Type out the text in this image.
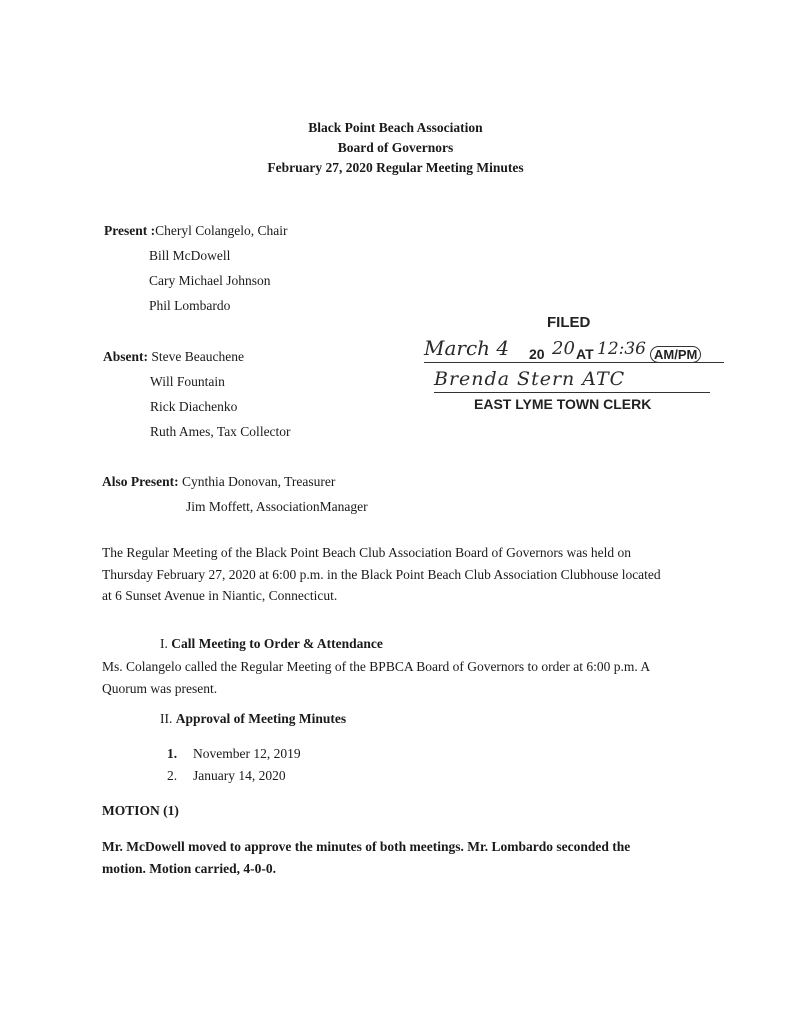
Black Point Beach Association
Board of Governors
February 27, 2020 Regular Meeting Minutes
Present :Cheryl Colangelo, Chair
Bill McDowell
Cary Michael Johnson
Phil Lombardo
Absent: Steve Beauchene
Will Fountain
Rick Diachenko
Ruth Ames, Tax Collector
FILED
March 4 20 20 AT 12:36 AM/PM
Brenda Stern ATC
EAST LYME TOWN CLERK
Also Present: Cynthia Donovan, Treasurer
Jim Moffett, AssociationManager
The Regular Meeting of the Black Point Beach Club Association Board of Governors was held on Thursday February 27, 2020 at 6:00 p.m. in the Black Point Beach Club Association Clubhouse located at 6 Sunset Avenue in Niantic, Connecticut.
I. Call Meeting to Order & Attendance
Ms. Colangelo called the Regular Meeting of the BPBCA Board of Governors to order at 6:00 p.m. A Quorum was present.
II. Approval of Meeting Minutes
1. November 12, 2019
2. January 14, 2020
MOTION (1)
Mr. McDowell moved to approve the minutes of both meetings. Mr. Lombardo seconded the motion. Motion carried, 4-0-0.
